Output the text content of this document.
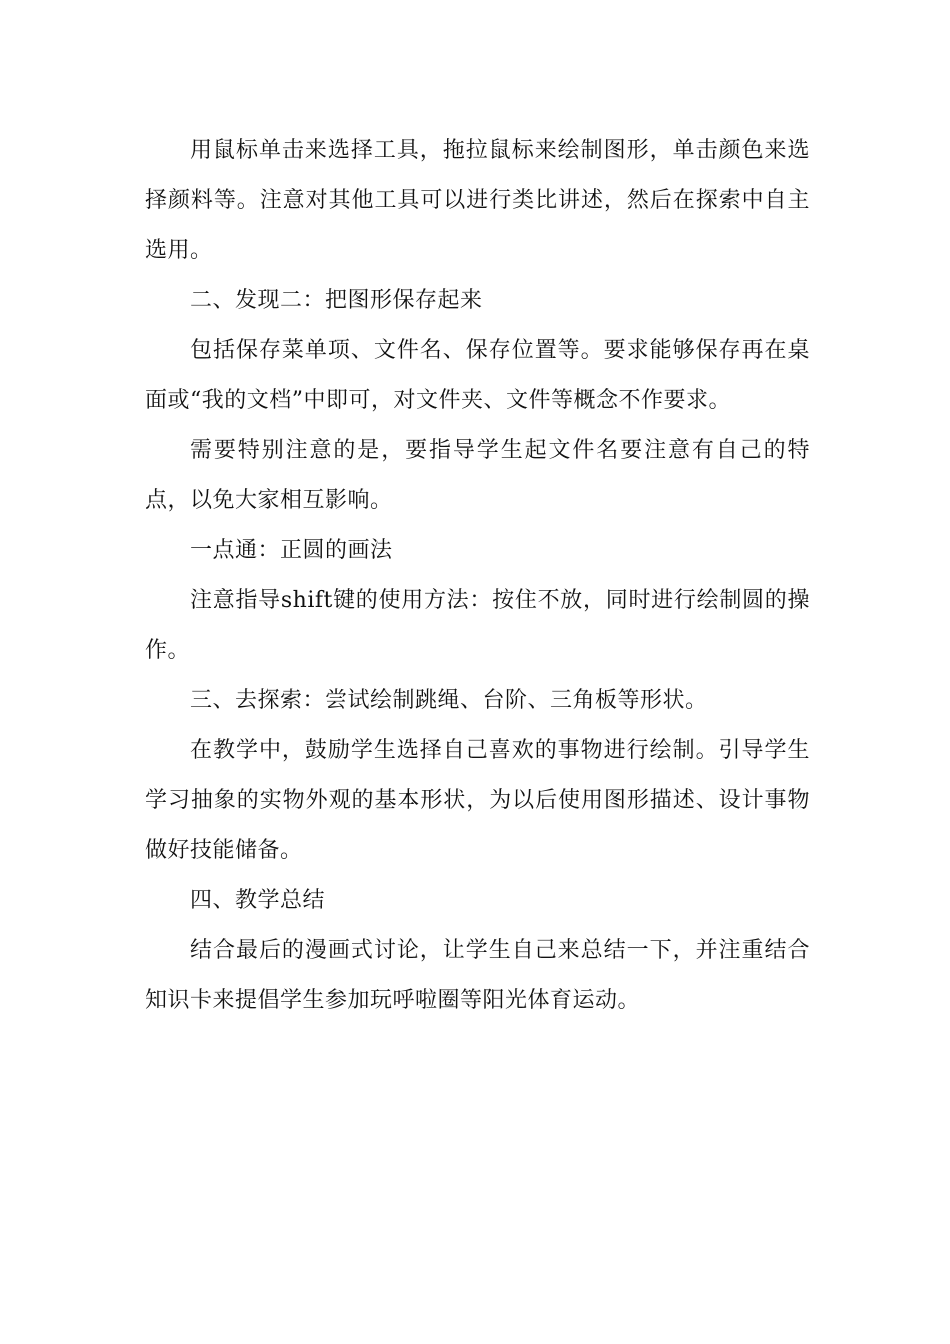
用鼠标单击来选择工具，拖拉鼠标来绘制图形，单击颜色来选择颜料等。注意对其他工具可以进行类比讲述，然后在探索中自主选用。

二、发现二：把图形保存起来

包括保存菜单项、文件名、保存位置等。要求能够保存再在桌面或“我的文档”中即可，对文件夹、文件等概念不作要求。

需要特别注意的是，要指导学生起文件名要注意有自己的特点，以免大家相互影响。

一点通：正圆的画法

注意指导shift键的使用方法：按住不放，同时进行绘制圆的操作。

三、去探索：尝试绘制跳绳、台阶、三角板等形状。

在教学中，鼓励学生选择自己喜欢的事物进行绘制。引导学生学习抽象的实物外观的基本形状，为以后使用图形描述、设计事物做好技能储备。

四、教学总结

结合最后的漫画式讨论，让学生自己来总结一下，并注重结合知识卡来提倡学生参加玩呼啦圈等阳光体育运动。
